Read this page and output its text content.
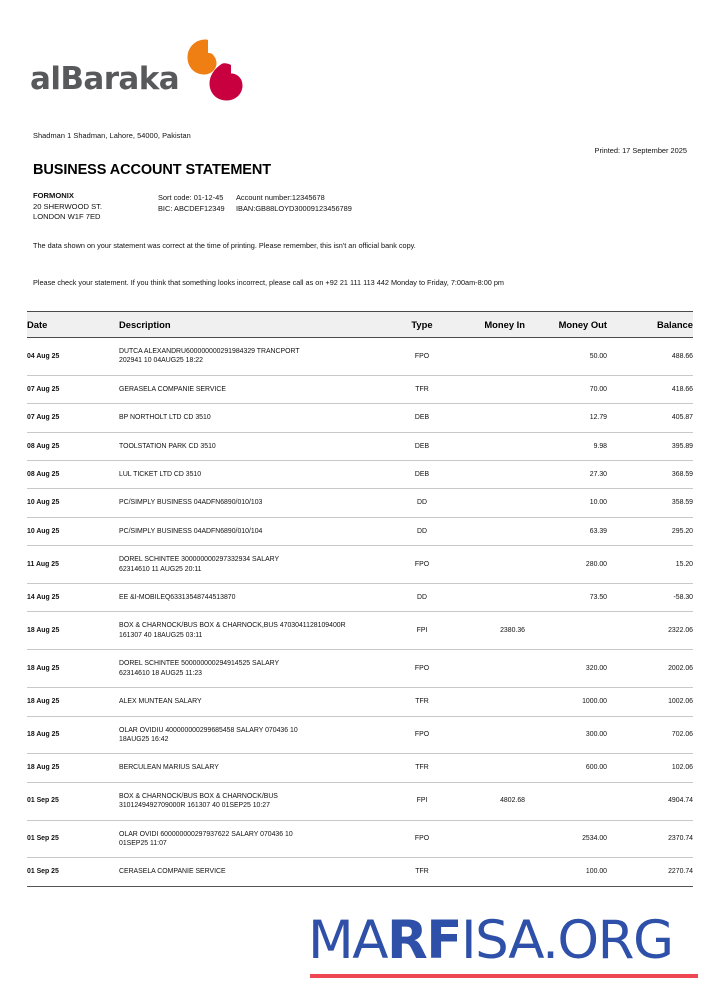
alBaraka
Shadman 1 Shadman, Lahore, 54000, Pakistan
Printed: 17 September 2025
BUSINESS ACCOUNT STATEMENT
FORMONIX
20 SHERWOOD ST.
LONDON W1F 7ED
Sort code: 01-12-45 Account number:12345678
BIC: ABCDEF12349 IBAN:GB88LOYD30009123456789
The data shown on your statement was correct at the time of printing. Please remember, this isn't an official bank copy.
Please check your statement. If you think that something looks incorrect, please call as on +92 21 111 113 442 Monday to Friday, 7:00am-8:00 pm
Date	Description	Type	Money In	Money Out	Balance
04 Aug 25	DUTCA ALEXANDRU600000000291984329 TRANCPORT
202941 10 04AUG25 18:22	FPO		50.00	488.66
07 Aug 25	GERASELA COMPANIE SERVICE	TFR		70.00	418.66
07 Aug 25	BP NORTHOLT LTD CD 3510	DEB		12.79	405.87
08 Aug 25	TOOLSTATION PARK CD 3510	DEB		9.98	395.89
08 Aug 25	LUL TICKET LTD CD 3510	DEB		27.30	368.59
10 Aug 25	PC/SIMPLY BUSINESS 04ADFN6890/010/103	DD		10.00	358.59
10 Aug 25	PC/SIMPLY BUSINESS 04ADFN6890/010/104	DD		63.39	295.20
11 Aug 25	DOREL SCHINTEE 300000000297332934 SALARY
62314610 11 AUG25 20:11	FPO		280.00	15.20
14 Aug 25	EE &I-MOBILEQ63313548744513870	DD		73.50	-58.30
18 Aug 25	BOX & CHARNOCK/BUS BOX & CHARNOCK,BUS 4703041128109400R
161307 40 18AUG25 03:11	FPI	2380.36		2322.06
18 Aug 25	DOREL SCHINTEE 500000000294914525 SALARY
62314610 18 AUG25 11:23	FPO		320.00	2002.06
18 Aug 25	ALEX MUNTEAN SALARY	TFR		1000.00	1002.06
18 Aug 25	OLAR OVIDIU 400000000299685458 SALARY 070436 10
18AUG25 16:42	FPO		300.00	702.06
18 Aug 25	BERCULEAN MARIUS SALARY	TFR		600.00	102.06
01 Sep 25	BOX & CHARNOCK/BUS BOX & CHARNOCK/BUS
3101249492709000R 161307 40 01SEP25 10:27	FPI	4802.68		4904.74
01 Sep 25	OLAR OVIDI 600000000297937622 SALARY 070436 10
01SEP25 11:07	FPO		2534.00	2370.74
01 Sep 25	CERASELA COMPANIE SERVICE	TFR		100.00	2270.74
MARFISA.ORG
